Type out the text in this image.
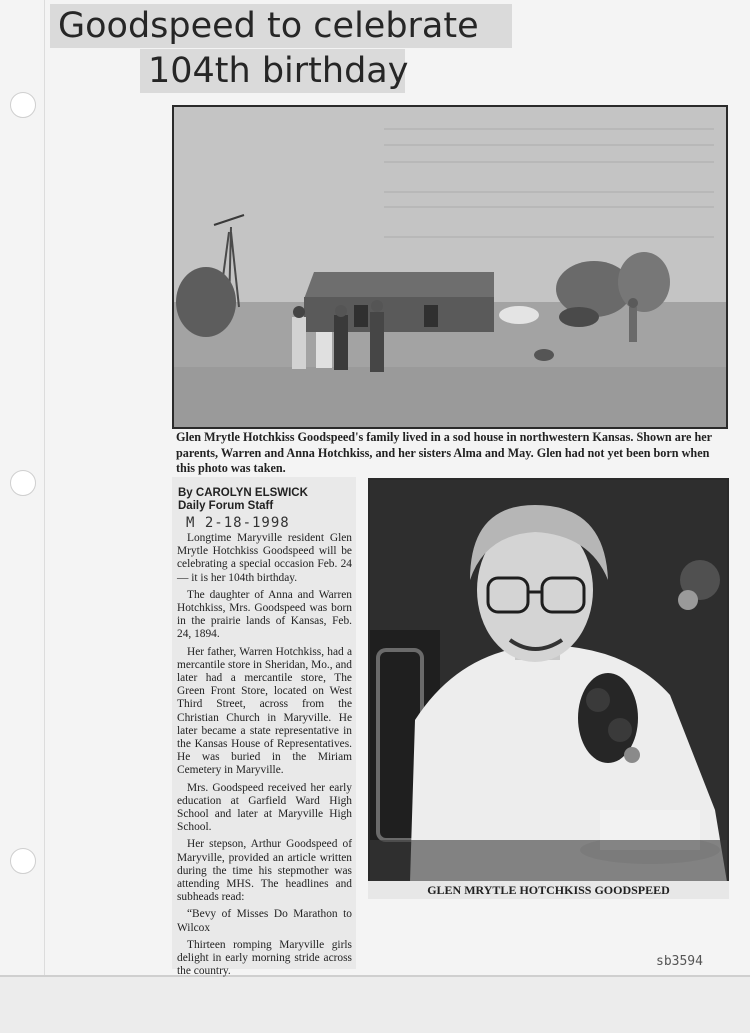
Goodspeed to celebrate
104th birthday
Glen Mrytle Hotchkiss Goodspeed's family lived in a sod house in northwestern Kansas. Shown are her parents, Warren and Anna Hotchkiss, and her sisters Alma and May. Glen had not yet been born when this photo was taken.
By CAROLYN ELSWICK
Daily Forum Staff
M 2-18-1998

Longtime Maryville resident Glen Mrytle Hotchkiss Goodspeed will be celebrating a special occasion Feb. 24 — it is her 104th birthday.

The daughter of Anna and Warren Hotchkiss, Mrs. Goodspeed was born in the prairie lands of Kansas, Feb. 24, 1894.

Her father, Warren Hotchkiss, had a mercantile store in Sheridan, Mo., and later had a mercantile store, The Green Front Store, located on West Third Street, across from the Christian Church in Maryville. He later became a state representative in the Kansas House of Representatives. He was buried in the Miriam Cemetery in Maryville.

Mrs. Goodspeed received her early education at Garfield Ward High School and later at Maryville High School.

Her stepson, Arthur Goodspeed of Maryville, provided an article written during the time his stepmother was attending MHS. The headlines and subheads read:

“Bevy of Misses Do Marathon to Wilcox

Thirteen romping Maryville girls delight in early morning stride across the country.

GLEN MRYTLE HOTCHKISS GOODSPEED
sb3594
